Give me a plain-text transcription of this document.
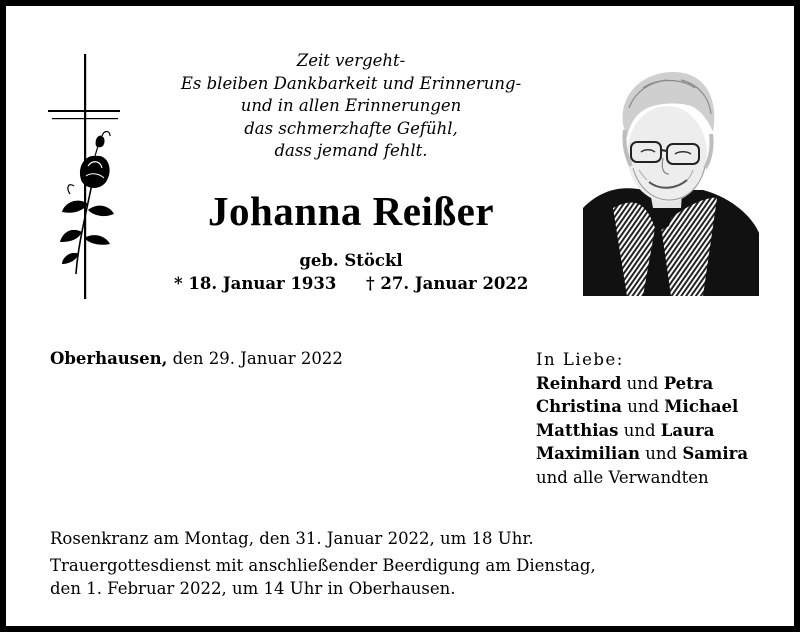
Zeit vergeht-
Es bleiben Dankbarkeit und Erinnerung-
und in allen Erinnerungen
das schmerzhafte Gefühl,
dass jemand fehlt.
Johanna Reißer
geb. Stöckl
* 18. Januar 1933 † 27. Januar 2022
Oberhausen, den 29. Januar 2022	In Liebe:
Reinhard und Petra
Christina und Michael
Matthias und Laura
Maximilian und Samira
und alle Verwandten
Rosenkranz am Montag, den 31. Januar 2022, um 18 Uhr.
Trauergottesdienst mit anschließender Beerdigung am Dienstag,
den 1. Februar 2022, um 14 Uhr in Oberhausen.
